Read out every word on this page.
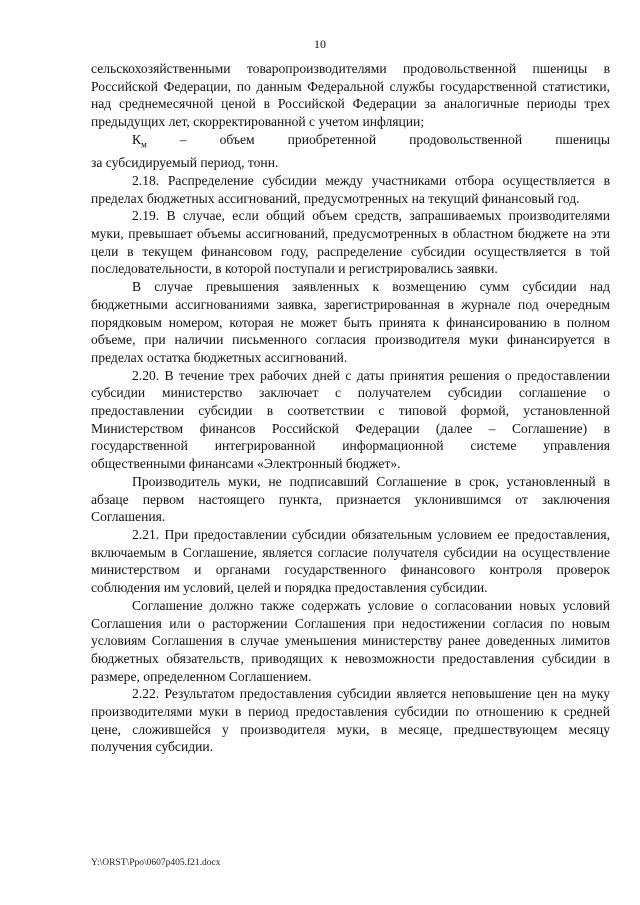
10

сельскохозяйственными товаропроизводителями продовольственной пшеницы в Российской Федерации, по данным Федеральной службы государственной статистики, над среднемесячной ценой в Российской Федерации за аналогичные периоды трех предыдущих лет, скорректированной с учетом инфляции;

$К_м$ – объем приобретенной продовольственной пшеницы

за субсидируемый период, тонн.

2.18. Распределение субсидии между участниками отбора осуществляется в пределах бюджетных ассигнований, предусмотренных на текущий финансовый год.

2.19. В случае, если общий объем средств, запрашиваемых производителями муки, превышает объемы ассигнований, предусмотренных в областном бюджете на эти цели в текущем финансовом году, распределение субсидии осуществляется в той последовательности, в которой поступали и регистрировались заявки.

В случае превышения заявленных к возмещению сумм субсидии над бюджетными ассигнованиями заявка, зарегистрированная в журнале под очередным порядковым номером, которая не может быть принята к финансированию в полном объеме, при наличии письменного согласия производителя муки финансируется в пределах остатка бюджетных ассигнований.

2.20. В течение трех рабочих дней с даты принятия решения о предоставлении субсидии министерство заключает с получателем субсидии соглашение о предоставлении субсидии в соответствии с типовой формой, установленной Министерством финансов Российской Федерации (далее – Соглашение) в государственной интегрированной информационной системе управления общественными финансами «Электронный бюджет».

Производитель муки, не подписавший Соглашение в срок, установленный в абзаце первом настоящего пункта, признается уклонившимся от заключения Соглашения.

2.21. При предоставлении субсидии обязательным условием ее предоставления, включаемым в Соглашение, является согласие получателя субсидии на осуществление министерством и органами государственного финансового контроля проверок соблюдения им условий, целей и порядка предоставления субсидии.

Соглашение должно также содержать условие о согласовании новых условий Соглашения или о расторжении Соглашения при недостижении согласия по новым условиям Соглашения в случае уменьшения министерству ранее доведенных лимитов бюджетных обязательств, приводящих к невозможности предоставления субсидии в размере, определенном Соглашением.

2.22. Результатом предоставления субсидии является неповышение цен на муку производителями муки в период предоставления субсидии по отношению к средней цене, сложившейся у производителя муки, в месяце, предшествующем месяцу получения субсидии.

Y:\ORST\Ppo\0607p405.f21.docx
